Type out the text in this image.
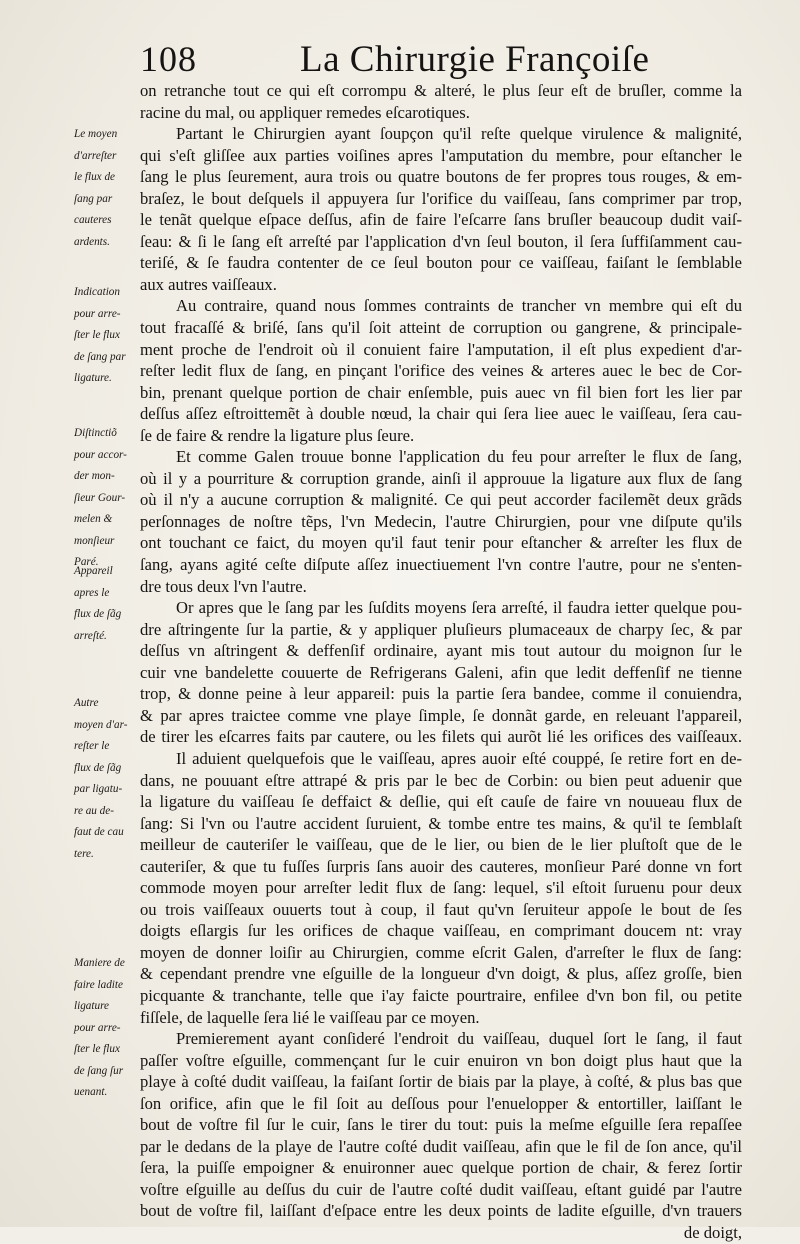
108	La Chirurgie Françoiſe
Le moyen
d'arreſter
le flux de
ſang par
cauteres
ardents.
Indication
pour arre-
ſter le flux
de ſang par
ligature.
Diſtinctiõ
pour accor-
der mon-
ſieur Gour-
melen &
monſieur
Paré.
Appareil
apres le
flux de ſãg
arreſté.
Autre
moyen d'ar-
reſter le
flux de ſãg
par ligatu-
re au de-
faut de cau
tere.
Maniere de
faire ladite
ligature
pour arre-
ſter le flux
de ſang ſur
uenant.
on retranche tout ce qui eſt corrompu & alteré, le plus ſeur eſt de bruſler, comme la
racine du mal, ou appliquer remedes eſcarotiques.
Partant le Chirurgien ayant ſoupçon qu'il reſte quelque virulence & malignité,
qui s'eſt gliſſee aux parties voiſines apres l'amputation du membre, pour eſtancher le
ſang le plus ſeurement, aura trois ou quatre boutons de fer propres tous rouges, & em-
braſez, le bout deſquels il appuyera ſur l'orifice du vaiſſeau, ſans comprimer par trop,
le tenãt quelque eſpace deſſus, afin de faire l'eſcarre ſans bruſler beaucoup dudit vaiſ-
ſeau: & ſi le ſang eſt arreſté par l'application d'vn ſeul bouton, il ſera ſuffiſamment cau-
teriſé, & ſe faudra contenter de ce ſeul bouton pour ce vaiſſeau, faiſant le ſemblable
aux autres vaiſſeaux.
Au contraire, quand nous ſommes contraints de trancher vn membre qui eſt du
tout fracaſſé & briſé, ſans qu'il ſoit atteint de corruption ou gangrene, & principale-
ment proche de l'endroit où il conuient faire l'amputation, il eſt plus expedient d'ar-
reſter ledit flux de ſang, en pinçant l'orifice des veines & arteres auec le bec de Cor-
bin, prenant quelque portion de chair enſemble, puis auec vn fil bien fort les lier par
deſſus aſſez eſtroittemẽt à double nœud, la chair qui ſera liee auec le vaiſſeau, ſera cau-
ſe de faire & rendre la ligature plus ſeure.
Et comme Galen trouue bonne l'application du feu pour arreſter le flux de ſang,
où il y a pourriture & corruption grande, ainſi il approuue la ligature aux flux de ſang
où il n'y a aucune corruption & malignité. Ce qui peut accorder facilemẽt deux grãds
perſonnages de noſtre tẽps, l'vn Medecin, l'autre Chirurgien, pour vne diſpute qu'ils
ont touchant ce faict, du moyen qu'il faut tenir pour eſtancher & arreſter les flux de
ſang, ayans agité ceſte diſpute aſſez inuectiuement l'vn contre l'autre, pour ne s'enten-
dre tous deux l'vn l'autre.
Or apres que le ſang par les ſuſdits moyens ſera arreſté, il faudra ietter quelque pou-
dre aſtringente ſur la partie, & y appliquer pluſieurs plumaceaux de charpy ſec, & par
deſſus vn aſtringent & deffenſif ordinaire, ayant mis tout autour du moignon ſur le
cuir vne bandelette couuerte de Refrigerans Galeni, afin que ledit deffenſif ne tienne
trop, & donne peine à leur appareil: puis la partie ſera bandee, comme il conuiendra,
& par apres traictee comme vne playe ſimple, ſe donnãt garde, en releuant l'appareil,
de tirer les eſcarres faits par cautere, ou les filets qui aurõt lié les orifices des vaiſſeaux.
Il aduient quelquefois que le vaiſſeau, apres auoir eſté couppé, ſe retire fort en de-
dans, ne pouuant eſtre attrapé & pris par le bec de Corbin: ou bien peut aduenir que
la ligature du vaiſſeau ſe deffaict & deſlie, qui eſt cauſe de faire vn nouueau flux de
ſang: Si l'vn ou l'autre accident ſuruient, & tombe entre tes mains, & qu'il te ſemblaſt
meilleur de cauteriſer le vaiſſeau, que de le lier, ou bien de le lier pluſtoſt que de le
cauteriſer, & que tu fuſſes ſurpris ſans auoir des cauteres, monſieur Paré donne vn fort
commode moyen pour arreſter ledit flux de ſang: lequel, s'il eſtoit ſuruenu pour deux
ou trois vaiſſeaux ouuerts tout à coup, il faut qu'vn ſeruiteur appoſe le bout de ſes
doigts eſlargis ſur les orifices de chaque vaiſſeau, en comprimant doucem nt: vray
moyen de donner loiſir au Chirurgien, comme eſcrit Galen, d'arreſter le flux de ſang:
& cependant prendre vne eſguille de la longueur d'vn doigt, & plus, aſſez groſſe, bien
picquante & tranchante, telle que i'ay faicte pourtraire, enfilee d'vn bon fil, ou petite
fiſſele, de laquelle ſera lié le vaiſſeau par ce moyen.
Premierement ayant conſideré l'endroit du vaiſſeau, duquel ſort le ſang, il faut
paſſer voſtre eſguille, commençant ſur le cuir enuiron vn bon doigt plus haut que la
playe à coſté dudit vaiſſeau, la faiſant ſortir de biais par la playe, à coſté, & plus bas que
ſon orifice, afin que le fil ſoit au deſſous pour l'enuelopper & entortiller, laiſſant le
bout de voſtre fil ſur le cuir, ſans le tirer du tout: puis la meſme eſguille ſera repaſſee
par le dedans de la playe de l'autre coſté dudit vaiſſeau, afin que le fil de ſon ance, qu'il
ſera, la puiſſe empoigner & enuironner auec quelque portion de chair, & ferez ſortir
voſtre eſguille au deſſus du cuir de l'autre coſté dudit vaiſſeau, eſtant guidé par l'autre
bout de voſtre fil, laiſſant d'eſpace entre les deux points de ladite eſguille, d'vn trauers
de doigt,
